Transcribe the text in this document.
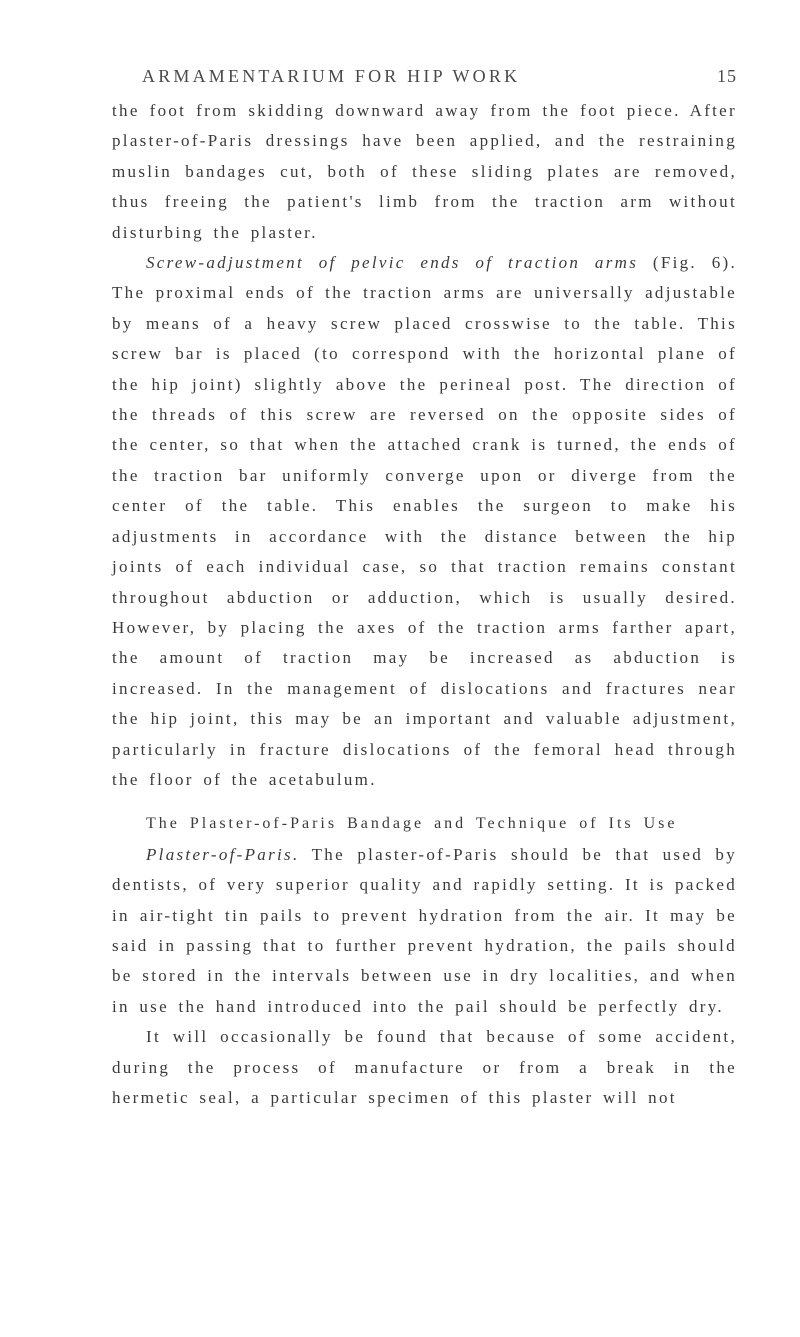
ARMAMENTARIUM FOR HIP WORK	15

the foot from skidding downward away from the foot piece. After plaster-of-Paris dressings have been applied, and the restraining muslin bandages cut, both of these sliding plates are removed, thus freeing the patient's limb from the traction arm without disturbing the plaster.

Screw-adjustment of pelvic ends of traction arms (Fig. 6). The proximal ends of the traction arms are universally adjustable by means of a heavy screw placed crosswise to the table. This screw bar is placed (to correspond with the horizontal plane of the hip joint) slightly above the perineal post. The direction of the threads of this screw are reversed on the opposite sides of the center, so that when the attached crank is turned, the ends of the traction bar uniformly converge upon or diverge from the center of the table. This enables the surgeon to make his adjustments in accordance with the distance between the hip joints of each individual case, so that traction remains constant throughout abduction or adduction, which is usually desired. However, by placing the axes of the traction arms farther apart, the amount of traction may be increased as abduction is increased. In the management of dislocations and fractures near the hip joint, this may be an important and valuable adjustment, particularly in fracture dislocations of the femoral head through the floor of the acetabulum.

The Plaster-of-Paris Bandage and Technique of Its Use

Plaster-of-Paris. The plaster-of-Paris should be that used by dentists, of very superior quality and rapidly setting. It is packed in air-tight tin pails to prevent hydration from the air. It may be said in passing that to further prevent hydration, the pails should be stored in the intervals between use in dry localities, and when in use the hand introduced into the pail should be perfectly dry.

It will occasionally be found that because of some accident, during the process of manufacture or from a break in the hermetic seal, a particular specimen of this plaster will not
